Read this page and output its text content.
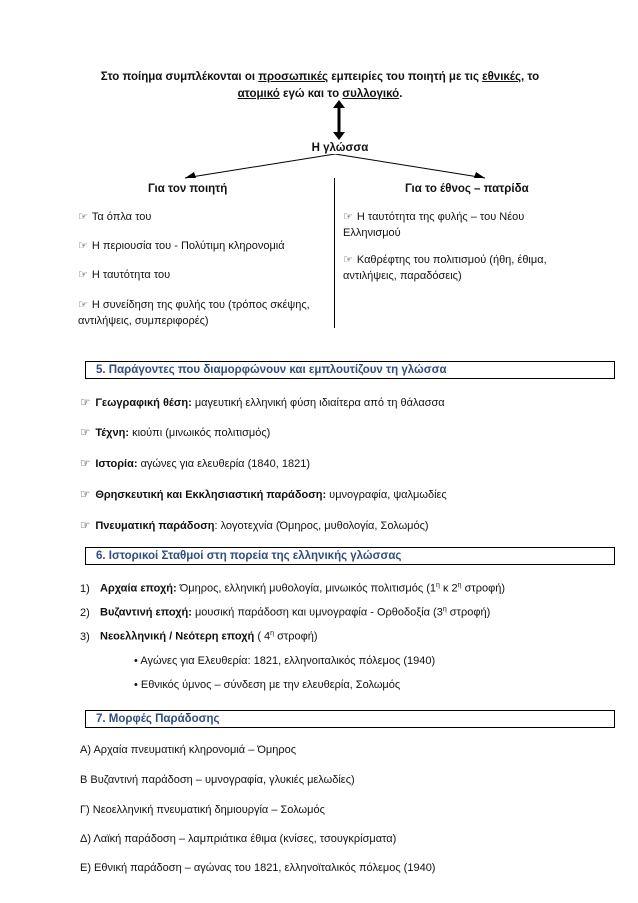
Στο ποίημα συμπλέκονται οι προσωπικές εμπειρίες του ποιητή με τις εθνικές, το
ατομικό εγώ και το συλλογικό.
Η γλώσσα
Για τον ποιητή	Για το έθνος – πατρίδα
☞ Τα όπλα του
☞ Η περιουσία του - Πολύτιμη κληρονομιά
☞ Η ταυτότητα του
☞ Η συνείδηση της φυλής του (τρόπος σκέψης, αντιλήψεις, συμπεριφορές)
☞ Η ταυτότητα της φυλής – του Νέου Ελληνισμού
☞ Καθρέφτης του πολιτισμού (ήθη, έθιμα, αντιλήψεις, παραδόσεις)
5. Παράγοντες που διαμορφώνουν και εμπλουτίζουν τη γλώσσα
☞ Γεωγραφική θέση: μαγευτική ελληνική φύση ιδιαίτερα από τη θάλασσα
☞ Τέχνη: κιούπι (μινωικός πολιτισμός)
☞ Ιστορία: αγώνες για ελευθερία (1840, 1821)
☞ Θρησκευτική και Εκκλησιαστική παράδοση: υμνογραφία, ψαλμωδίες
☞ Πνευματική παράδοση: λογοτεχνία (Όμηρος, μυθολογία, Σολωμός)
6. Ιστορικοί Σταθμοί στη πορεία της ελληνικής γλώσσας
1) Αρχαία εποχή: Όμηρος, ελληνική μυθολογία, μινωικός πολιτισμός ($1^\eta$ κ $2^\eta$ στροφή)
2) Βυζαντινή εποχή: μουσική παράδοση και υμνογραφία - Ορθοδοξία ($3^\eta$ στροφή)
3) Νεοελληνική / Νεότερη εποχή ( $4^\eta$ στροφή)
• Αγώνες για Ελευθερία: 1821, ελληνοιταλικός πόλεμος (1940)
• Εθνικός ύμνος – σύνδεση με την ελευθερία, Σολωμός
7. Μορφές Παράδοσης
Α) Αρχαία πνευματική κληρονομιά – Όμηρος
Β Βυζαντινή παράδοση – υμνογραφία, γλυκιές μελωδίες)
Γ) Νεοελληνική πνευματική δημιουργία – Σολωμός
Δ) Λαϊκή παράδοση – λαμπριάτικα έθιμα (κνίσες, τσουγκρίσματα)
Ε) Εθνική παράδοση – αγώνας του 1821, ελληνοϊταλικός πόλεμος (1940)
